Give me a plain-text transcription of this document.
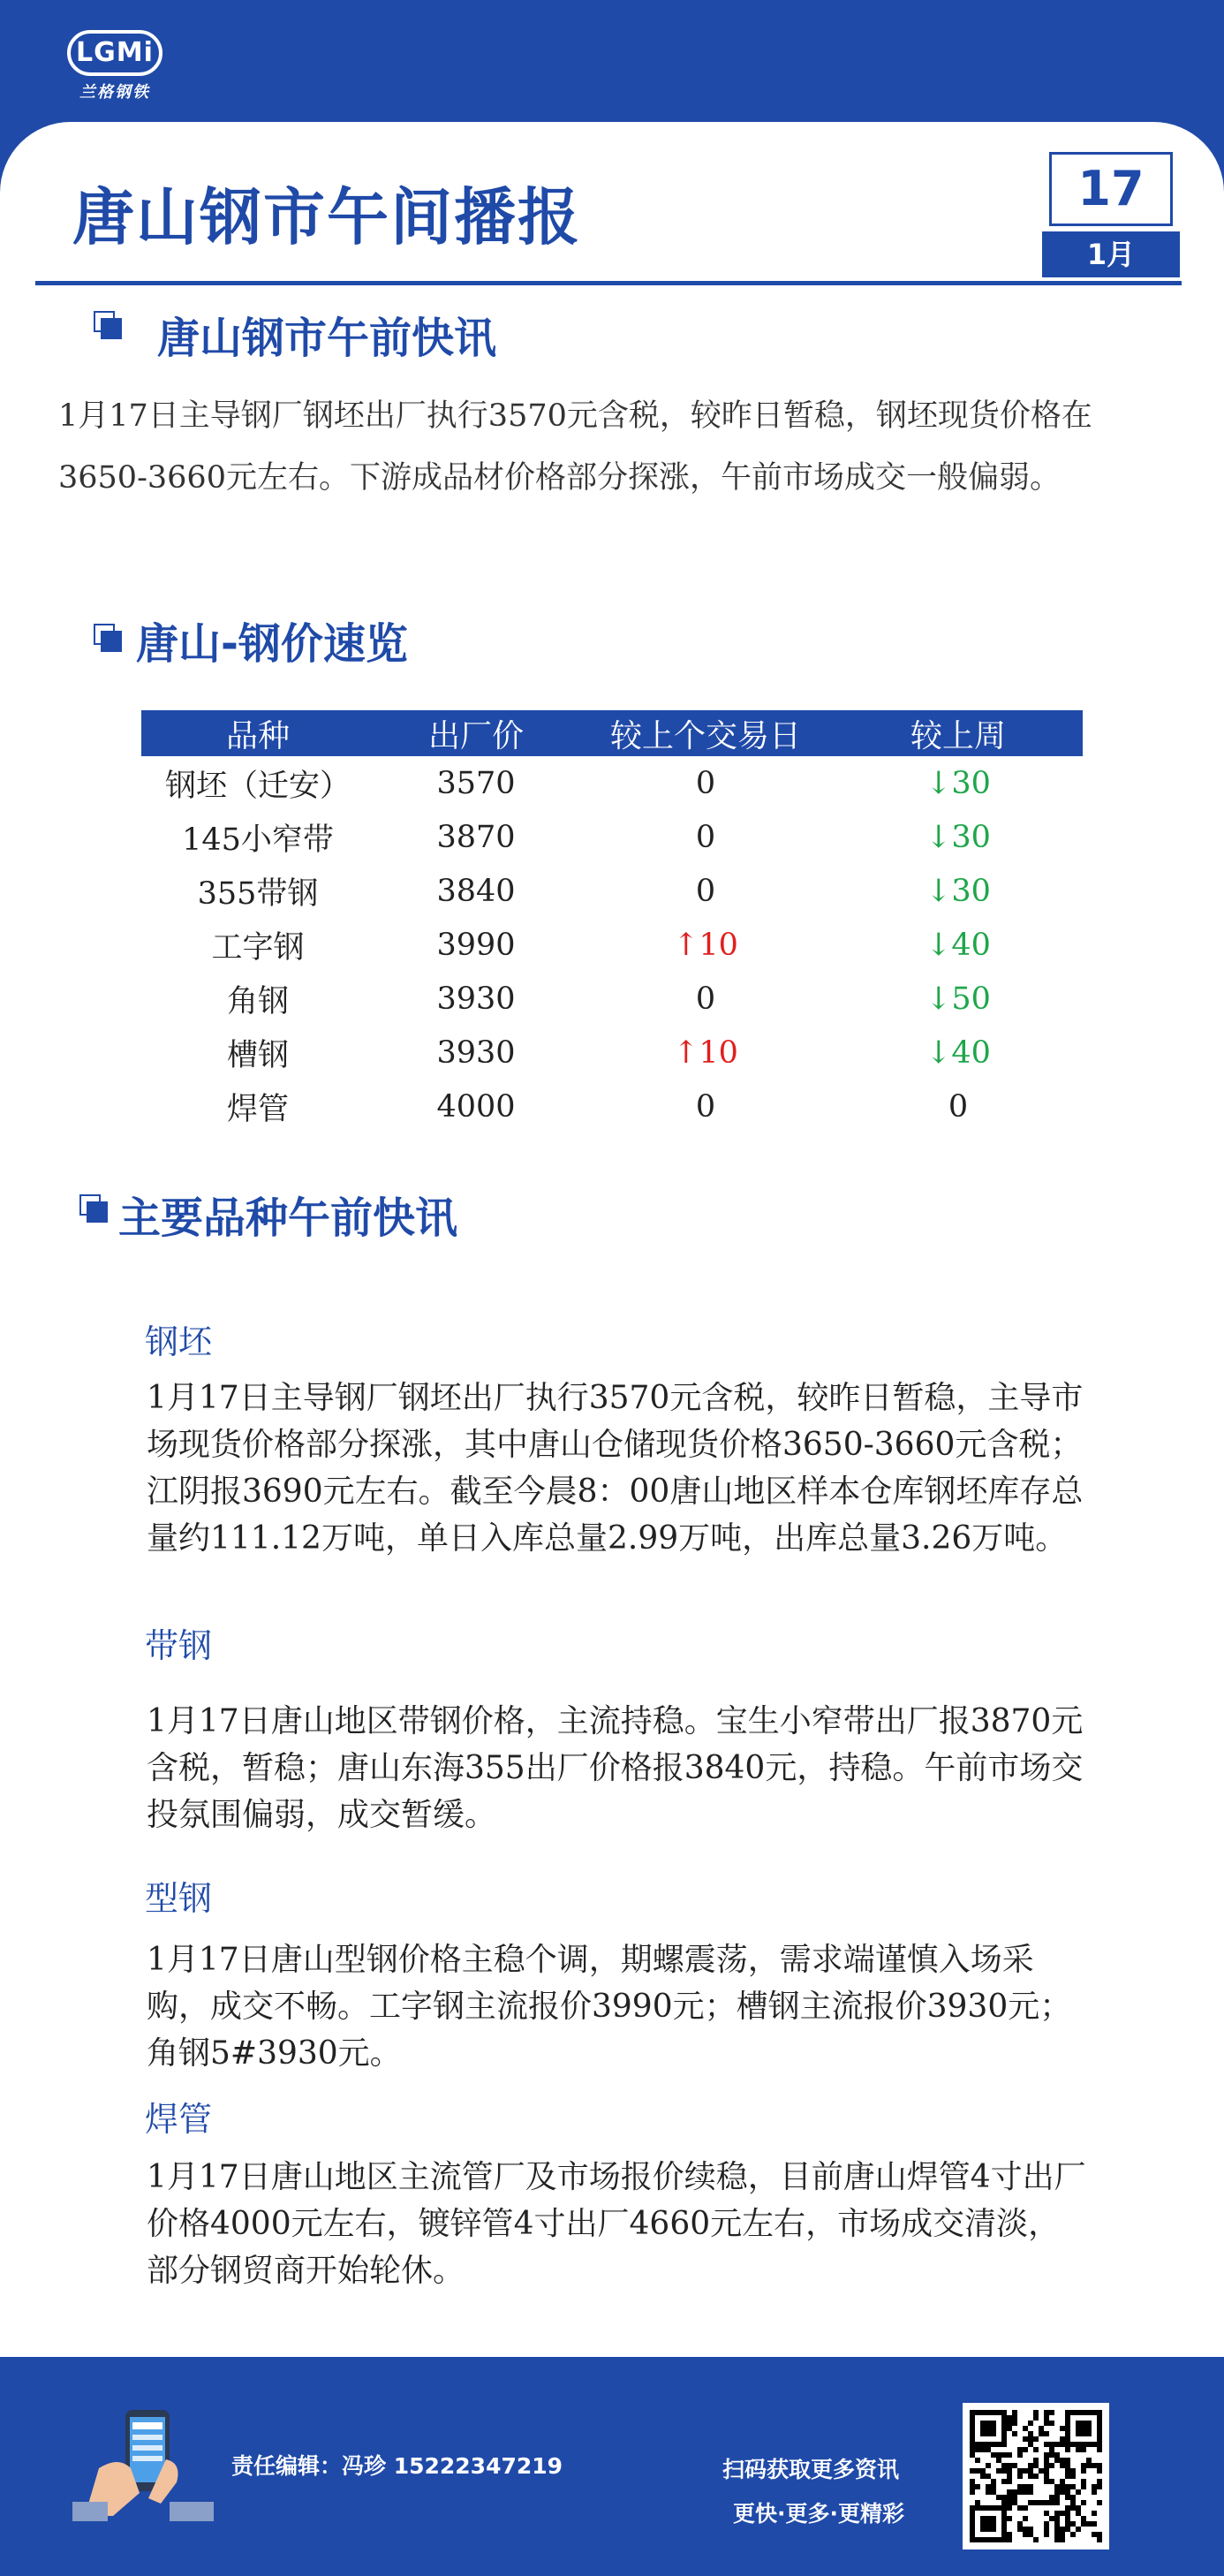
LGMi
兰格钢铁
唐山钢市午间播报	17
1月
唐山钢市午前快讯
1月17日主导钢厂钢坯出厂执行3570元含税，较昨日暂稳，钢坯现货价格在3650-3660元左右。下游成品材价格部分探涨，午前市场成交一般偏弱。
唐山-钢价速览
品种	出厂价	较上个交易日	较上周
钢坯（迁安）	3570	0	↓30
145小窄带	3870	0	↓30
355带钢	3840	0	↓30
工字钢	3990	↑10	↓40
角钢	3930	0	↓50
槽钢	3930	↑10	↓40
焊管	4000	0	0
主要品种午前快讯
钢坯
1月17日主导钢厂钢坯出厂执行3570元含税，较昨日暂稳，主导市场现货价格部分探涨，其中唐山仓储现货价格3650-3660元含税；江阴报3690元左右。截至今晨8：00唐山地区样本仓库钢坯库存总量约111.12万吨，单日入库总量2.99万吨，出库总量3.26万吨。
带钢
1月17日唐山地区带钢价格，主流持稳。宝生小窄带出厂报3870元含税，暂稳；唐山东海355出厂价格报3840元，持稳。午前市场交投氛围偏弱，成交暂缓。
型钢
1月17日唐山型钢价格主稳个调，期螺震荡，需求端谨慎入场采购，成交不畅。工字钢主流报价3990元；槽钢主流报价3930元；角钢5#3930元。
焊管
1月17日唐山地区主流管厂及市场报价续稳，目前唐山焊管4寸出厂价格4000元左右，镀锌管4寸出厂4660元左右，市场成交清淡，部分钢贸商开始轮休。
责任编辑：冯珍 15222347219	扫码获取更多资讯
更快·更多·更精彩
